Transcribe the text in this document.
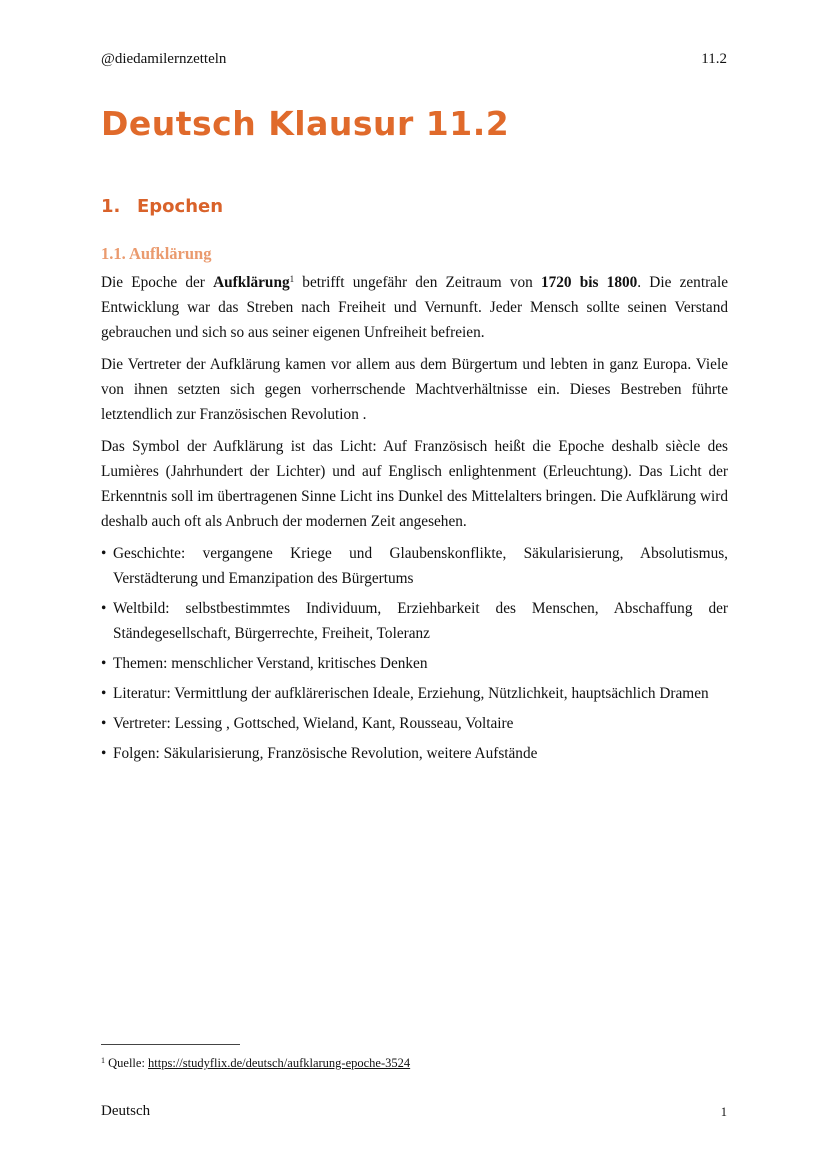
@diedamilernzetteln	11.2
Deutsch Klausur 11.2
1. Epochen
1.1. Aufklärung

Die Epoche der Aufklärung$^1$ betrifft ungefähr den Zeitraum von 1720 bis 1800. Die zentrale Entwicklung war das Streben nach Freiheit und Vernunft. Jeder Mensch sollte seinen Verstand gebrauchen und sich so aus seiner eigenen Unfreiheit befreien.

Die Vertreter der Aufklärung kamen vor allem aus dem Bürgertum und lebten in ganz Europa. Viele von ihnen setzten sich gegen vorherrschende Machtverhältnisse ein. Dieses Bestreben führte letztendlich zur Französischen Revolution .

Das Symbol der Aufklärung ist das Licht: Auf Französisch heißt die Epoche deshalb siècle des Lumières (Jahrhundert der Lichter) und auf Englisch enlightenment (Erleuchtung). Das Licht der Erkenntnis soll im übertragenen Sinne Licht ins Dunkel des Mittelalters bringen. Die Aufklärung wird deshalb auch oft als Anbruch der modernen Zeit angesehen.

• Geschichte: vergangene Kriege und Glaubenskonflikte, Säkularisierung, Absolutismus, Verstädterung und Emanzipation des Bürgertums
• Weltbild: selbstbestimmtes Individuum, Erziehbarkeit des Menschen, Abschaffung der Ständegesellschaft, Bürgerrechte, Freiheit, Toleranz
• Themen: menschlicher Verstand, kritisches Denken
• Literatur: Vermittlung der aufklärerischen Ideale, Erziehung, Nützlichkeit, hauptsächlich Dramen
• Vertreter: Lessing , Gottsched, Wieland, Kant, Rousseau, Voltaire
• Folgen: Säkularisierung, Französische Revolution, weitere Aufstände
$^1$ Quelle: https://studyflix.de/deutsch/aufklarung-epoche-3524
Deutsch	1
